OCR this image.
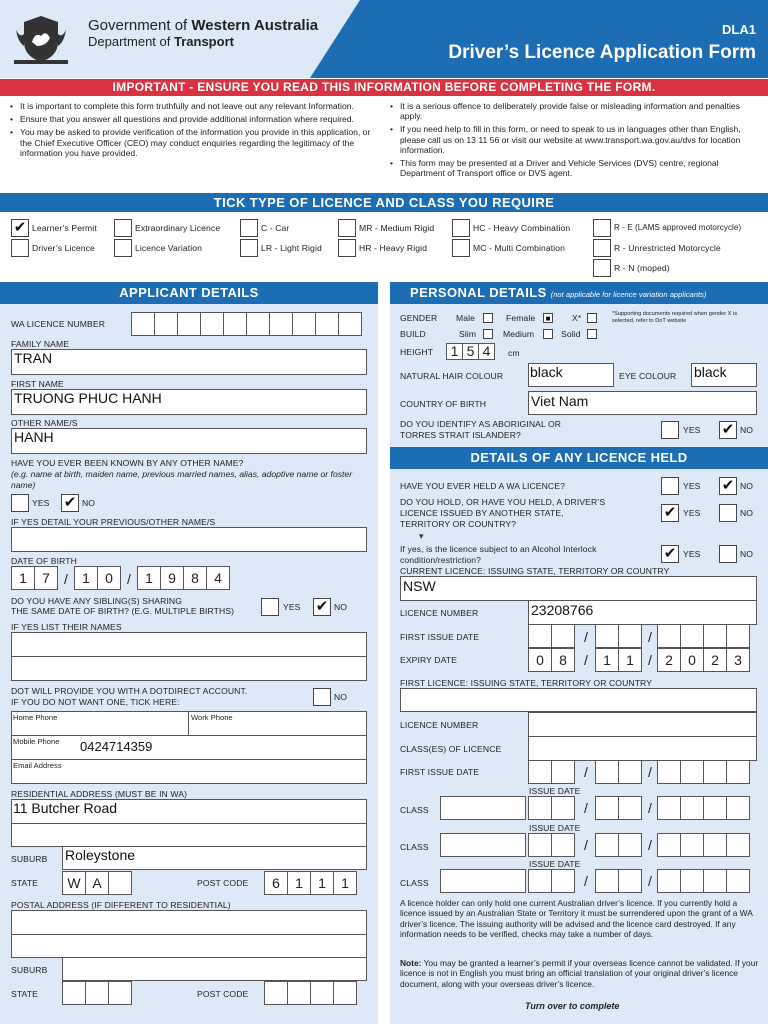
Government of Western Australia
Department of Transport
DLA1
Driver’s Licence Application Form
IMPORTANT - ENSURE YOU READ THIS INFORMATION BEFORE COMPLETING THE FORM.
• It is important to complete this form truthfully and not leave out any relevant Information.
• Ensure that you answer all questions and provide additional information where required.
• You may be asked to provide verification of the information you provide in this application, or the Chief Executive Officer (CEO) may conduct enquiries regarding the legitimacy of the information you have provided.
• It is a serious offence to deliberately provide false or misleading information and penalties apply.
• If you need help to fill in this form, or need to speak to us in languages other than English, please call us on 13 11 56 or visit our website at www.transport.wa.gov.au/dvs for location information.
• This form may be presented at a Driver and Vehicle Services (DVS) centre, regional Department of Transport office or DVS agent.
TICK TYPE OF LICENCE AND CLASS YOU REQUIRE
✔ Learner’s Permit
Driver’s Licence
Extraordinary Licence
Licence Variation
C - Car
LR - Light Rigid
MR - Medium Rigid
HR - Heavy Rigid
HC - Heavy Combination
MC - Multi Combination
R - E (LAMS approved motorcycle)
R - Unrestricted Motorcycle
R - N (moped)
APPLICANT DETAILS
WA LICENCE NUMBER
FAMILY NAME
TRAN
FIRST NAME
TRUONG PHUC HANH
OTHER NAME/S
HANH
HAVE YOU EVER BEEN KNOWN BY ANY OTHER NAME?
(e.g. name at birth, maiden name, previous married names, alias, adoptive name or foster name)
YES ✔ NO
IF YES DETAIL YOUR PREVIOUS/OTHER NAME/S
DATE OF BIRTH
1	7	/	1	0	/	1	9	8	4
DO YOU HAVE ANY SIBLING(S) SHARING
THE SAME DATE OF BIRTH? (E.G. MULTIPLE BIRTHS)	YES ✔ NO
IF YES LIST THEIR NAMES
DOT WILL PROVIDE YOU WITH A DOTDIRECT ACCOUNT.
IF YOU DO NOT WANT ONE, TICK HERE:	NO
Home Phone	Work Phone
Mobile Phone 0424714359
Email Address
RESIDENTIAL ADDRESS (MUST BE IN WA)
11 Butcher Road
SUBURB Roleystone
STATE	W A	POST CODE	6	1	1	1
POSTAL ADDRESS (IF DIFFERENT TO RESIDENTIAL)
SUBURB
STATE	POST CODE
PERSONAL DETAILS (not applicable for licence variation applicants)
GENDER Male	Female	■	X*	*Supporting documents required when gender X is selected, refer to DoT website
BUILD	Slim	Medium	Solid
HEIGHT	1 5 4	cm
NATURAL HAIR COLOUR black	EYE COLOUR black
COUNTRY OF BIRTH	Viet Nam
DO YOU IDENTIFY AS ABORIGINAL OR
TORRES STRAIT ISLANDER?	YES ✔ NO
DETAILS OF ANY LICENCE HELD
HAVE YOU EVER HELD A WA LICENCE?	YES ✔ NO
DO YOU HOLD, OR HAVE YOU HELD, A DRIVER’S
LICENCE ISSUED BY ANOTHER STATE,
TERRITORY OR COUNTRY?
✔ YES	NO
▾
If yes, is the licence subject to an Alcohol Interlock
condition/restriction?	✔ YES	NO
CURRENT LICENCE: ISSUING STATE, TERRITORY OR COUNTRY
NSW
LICENCE NUMBER	23208766
FIRST ISSUE DATE	/	/
EXPIRY DATE	0	8	/	1	1	/ 2	0	2	3
FIRST LICENCE: ISSUING STATE, TERRITORY OR COUNTRY
LICENCE NUMBER
CLASS(ES) OF LICENCE
FIRST ISSUE DATE	/	/
ISSUE DATE
CLASS	/	/
ISSUE DATE
CLASS	/	/
ISSUE DATE
CLASS	/	/
A licence holder can only hold one current Australian driver’s licence. If you currently hold a licence issued by an Australian State or Territory it must be surrendered upon the grant of a WA driver’s licence. The issuing authority will be advised and the licence card destroyed. If any information needs to be verified, checks may take a number of days.
Note: You may be granted a learner’s permit if your overseas licence cannot be validated. If your licence is not in English you must bring an official translation of your original driver’s licence document, along with your overseas driver’s licence.
Turn over to complete
